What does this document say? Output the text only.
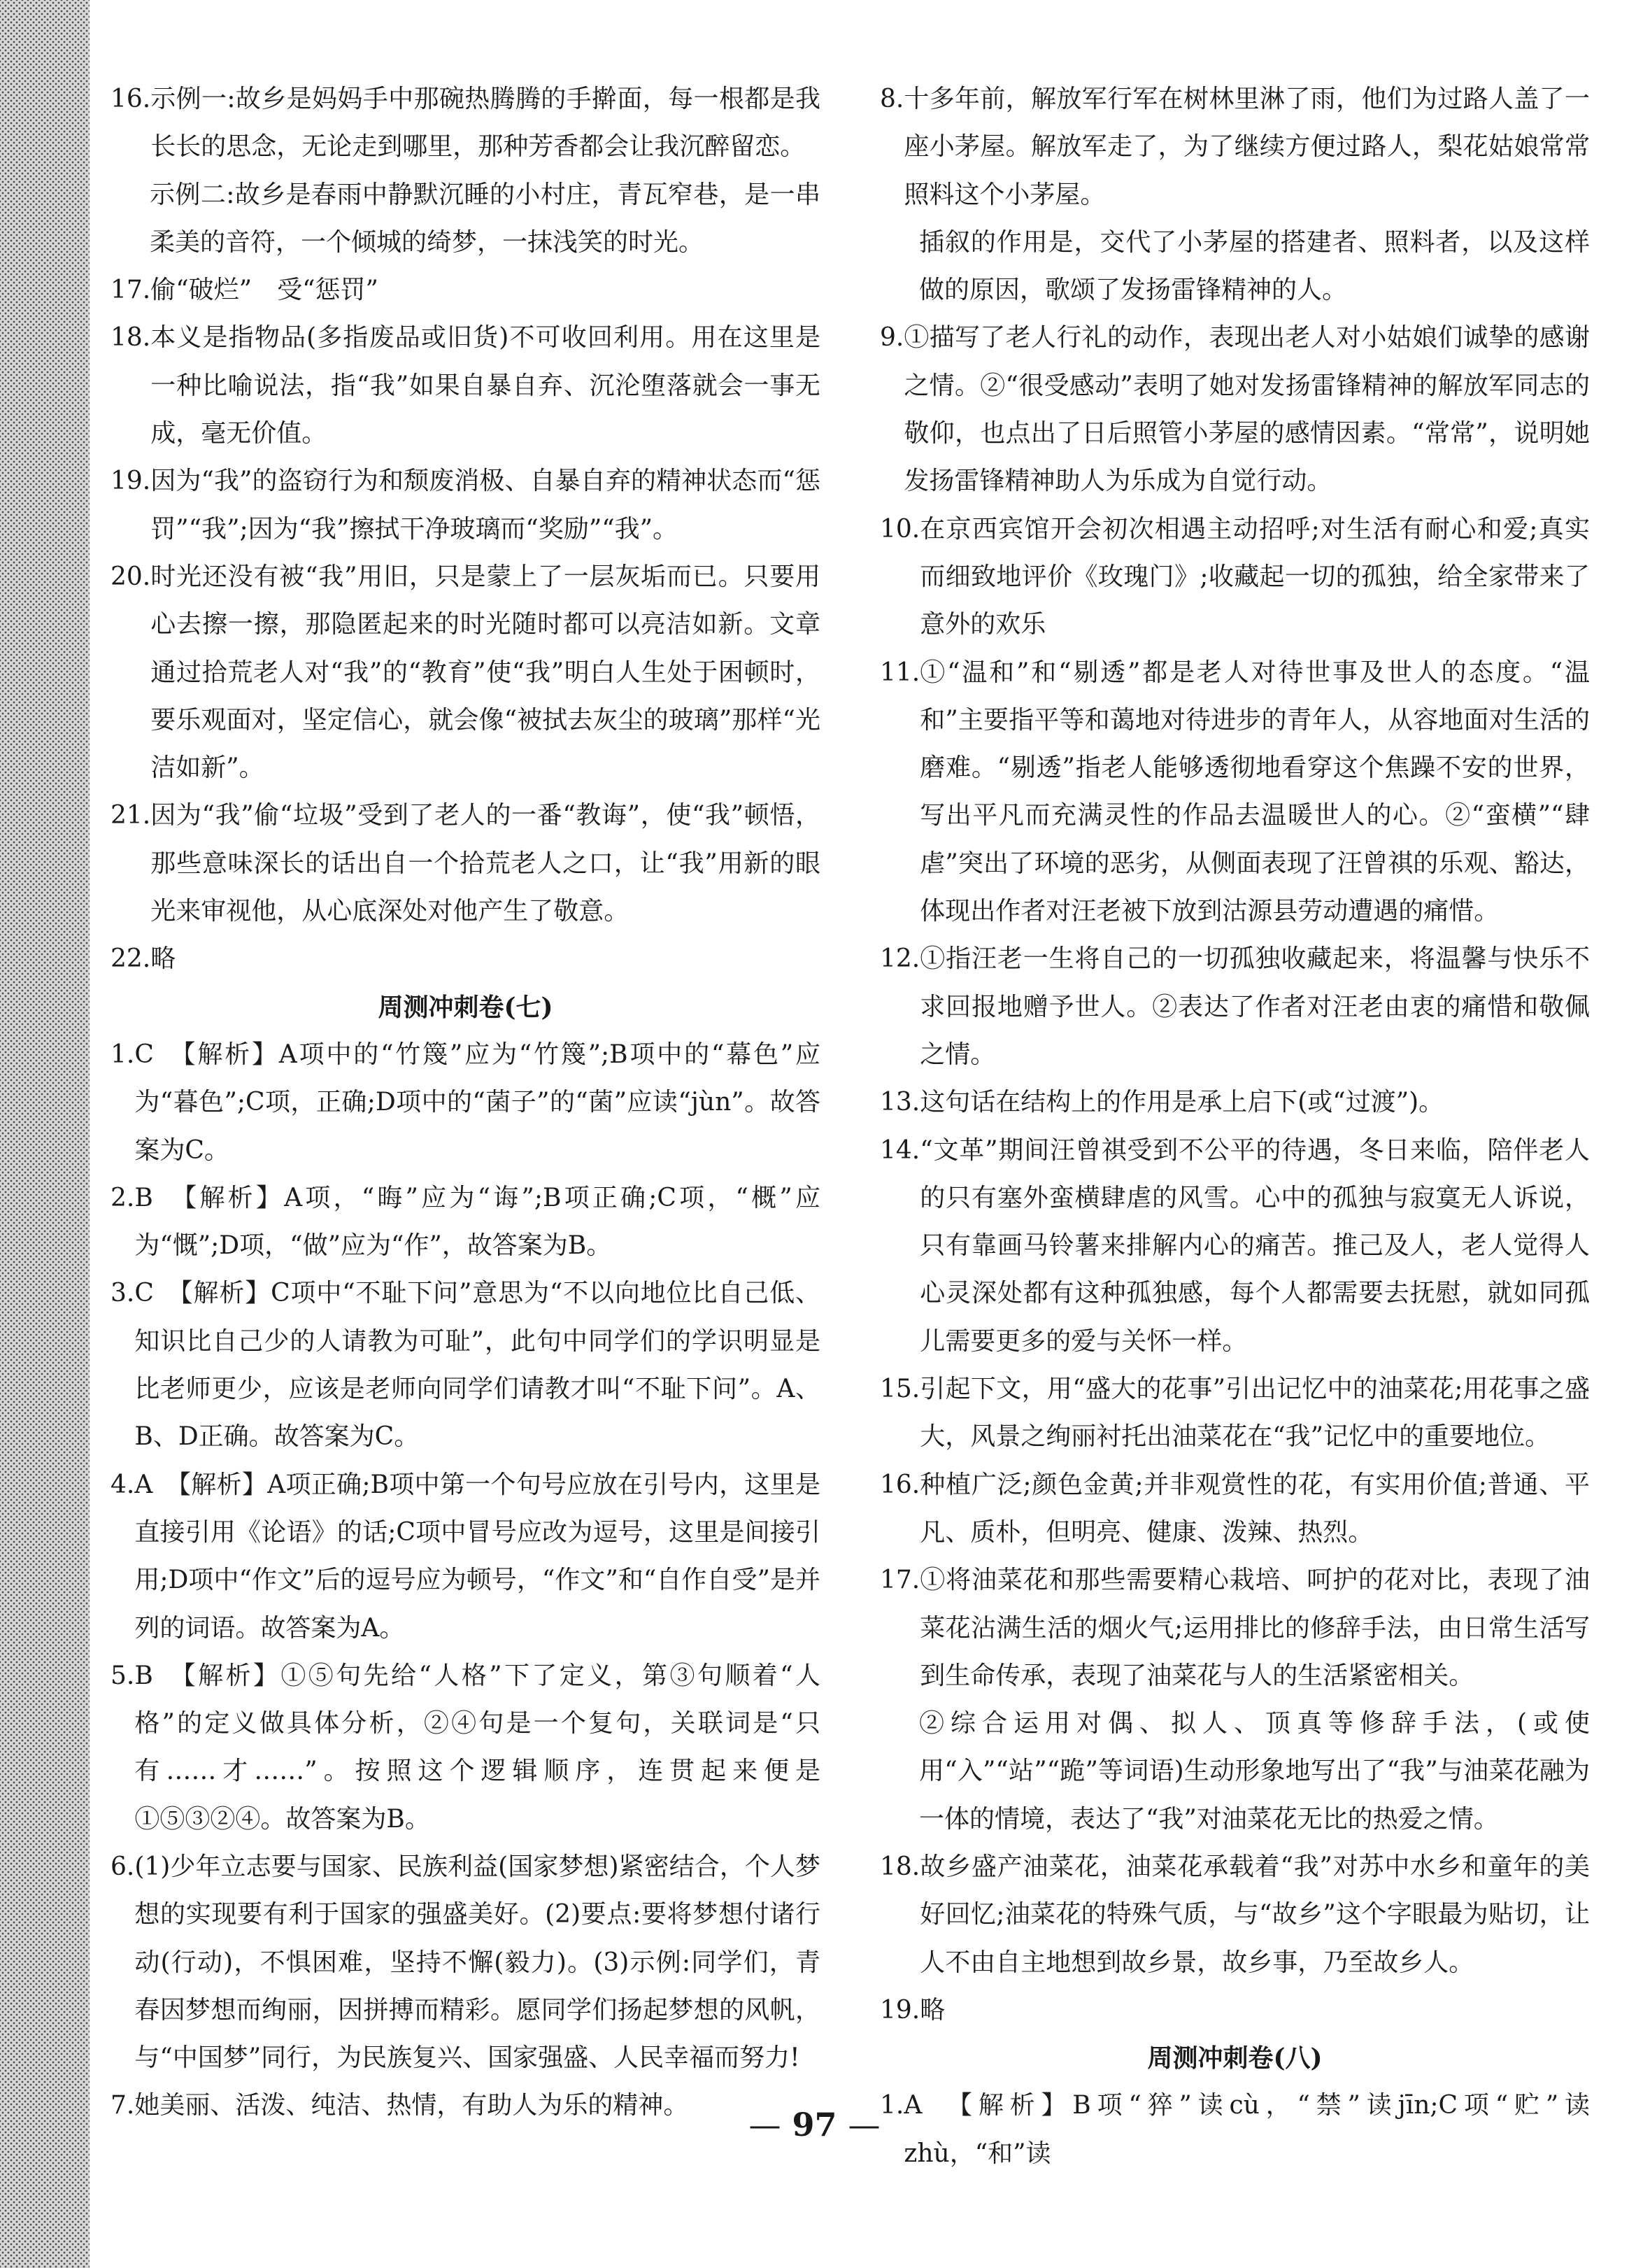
16. 示例一:故乡是妈妈手中那碗热腾腾的手擀面，每一根都是我长长的思念，无论走到哪里，那种芳香都会让我沉醉留恋。
示例二:故乡是春雨中静默沉睡的小村庄，青瓦窄巷，是一串柔美的音符，一个倾城的绮梦，一抹浅笑的时光。
17. 偷“破烂”　受“惩罚”
18. 本义是指物品(多指废品或旧货)不可收回利用。用在这里是一种比喻说法，指“我”如果自暴自弃、沉沦堕落就会一事无成，毫无价值。
19. 因为“我”的盗窃行为和颓废消极、自暴自弃的精神状态而“惩罚”“我”;因为“我”擦拭干净玻璃而“奖励”“我”。
20. 时光还没有被“我”用旧，只是蒙上了一层灰垢而已。只要用心去擦一擦，那隐匿起来的时光随时都可以亮洁如新。文章通过拾荒老人对“我”的“教育”使“我”明白人生处于困顿时，要乐观面对，坚定信心，就会像“被拭去灰尘的玻璃”那样“光洁如新”。
21. 因为“我”偷“垃圾”受到了老人的一番“教诲”，使“我”顿悟，那些意味深长的话出自一个拾荒老人之口，让“我”用新的眼光来审视他，从心底深处对他产生了敬意。
22. 略
周测冲刺卷(七)
1. C　【解析】A项中的“竹篾”应为“竹篾”;B项中的“幕色”应为“暮色”;C项，正确;D项中的“菌子”的“菌”应读“jùn”。故答案为C。
2. B　【解析】A项，“晦”应为“诲”;B项正确;C项，“概”应为“慨”;D项，“做”应为“作”，故答案为B。
3. C　【解析】C项中“不耻下问”意思为“不以向地位比自己低、知识比自己少的人请教为可耻”，此句中同学们的学识明显是比老师更少，应该是老师向同学们请教才叫“不耻下问”。A、B、D正确。故答案为C。
4. A　【解析】A项正确;B项中第一个句号应放在引号内，这里是直接引用《论语》的话;C项中冒号应改为逗号，这里是间接引用;D项中“作文”后的逗号应为顿号，“作文”和“自作自受”是并列的词语。故答案为A。
5. B　【解析】①⑤句先给“人格”下了定义，第③句顺着“人格”的定义做具体分析，②④句是一个复句，关联词是“只有……才……”。按照这个逻辑顺序，连贯起来便是①⑤③②④。故答案为B。
6. (1)少年立志要与国家、民族利益(国家梦想)紧密结合，个人梦想的实现要有利于国家的强盛美好。(2)要点:要将梦想付诸行动(行动)，不惧困难，坚持不懈(毅力)。(3)示例:同学们，青春因梦想而绚丽，因拼搏而精彩。愿同学们扬起梦想的风帆，与“中国梦”同行，为民族复兴、国家强盛、人民幸福而努力!
7. 她美丽、活泼、纯洁、热情，有助人为乐的精神。
8. 十多年前，解放军行军在树林里淋了雨，他们为过路人盖了一座小茅屋。解放军走了，为了继续方便过路人，梨花姑娘常常照料这个小茅屋。
插叙的作用是，交代了小茅屋的搭建者、照料者，以及这样做的原因，歌颂了发扬雷锋精神的人。
9. ①描写了老人行礼的动作，表现出老人对小姑娘们诚挚的感谢之情。②“很受感动”表明了她对发扬雷锋精神的解放军同志的敬仰，也点出了日后照管小茅屋的感情因素。“常常”，说明她发扬雷锋精神助人为乐成为自觉行动。
10. 在京西宾馆开会初次相遇主动招呼;对生活有耐心和爱;真实而细致地评价《玫瑰门》;收藏起一切的孤独，给全家带来了意外的欢乐
11. ①“温和”和“剔透”都是老人对待世事及世人的态度。“温和”主要指平等和蔼地对待进步的青年人，从容地面对生活的磨难。“剔透”指老人能够透彻地看穿这个焦躁不安的世界，写出平凡而充满灵性的作品去温暖世人的心。②“蛮横”“肆虐”突出了环境的恶劣，从侧面表现了汪曾祺的乐观、豁达，体现出作者对汪老被下放到沽源县劳动遭遇的痛惜。
12. ①指汪老一生将自己的一切孤独收藏起来，将温馨与快乐不求回报地赠予世人。②表达了作者对汪老由衷的痛惜和敬佩之情。
13. 这句话在结构上的作用是承上启下(或“过渡”)。
14. “文革”期间汪曾祺受到不公平的待遇，冬日来临，陪伴老人的只有塞外蛮横肆虐的风雪。心中的孤独与寂寞无人诉说，只有靠画马铃薯来排解内心的痛苦。推己及人，老人觉得人心灵深处都有这种孤独感，每个人都需要去抚慰，就如同孤儿需要更多的爱与关怀一样。
15. 引起下文，用“盛大的花事”引出记忆中的油菜花;用花事之盛大，风景之绚丽衬托出油菜花在“我”记忆中的重要地位。
16. 种植广泛;颜色金黄;并非观赏性的花，有实用价值;普通、平凡、质朴，但明亮、健康、泼辣、热烈。
17. ①将油菜花和那些需要精心栽培、呵护的花对比，表现了油菜花沾满生活的烟火气;运用排比的修辞手法，由日常生活写到生命传承，表现了油菜花与人的生活紧密相关。
②综合运用对偶、拟人、顶真等修辞手法，(或使用“入”“站”“跪”等词语)生动形象地写出了“我”与油菜花融为一体的情境，表达了“我”对油菜花无比的热爱之情。
18. 故乡盛产油菜花，油菜花承载着“我”对苏中水乡和童年的美好回忆;油菜花的特殊气质，与“故乡”这个字眼最为贴切，让人不由自主地想到故乡景，故乡事，乃至故乡人。
19. 略
周测冲刺卷(八)
1. A　【解析】B项“猝”读cù，“禁”读jīn;C项“贮”读zhù，“和”读
— 97 —
